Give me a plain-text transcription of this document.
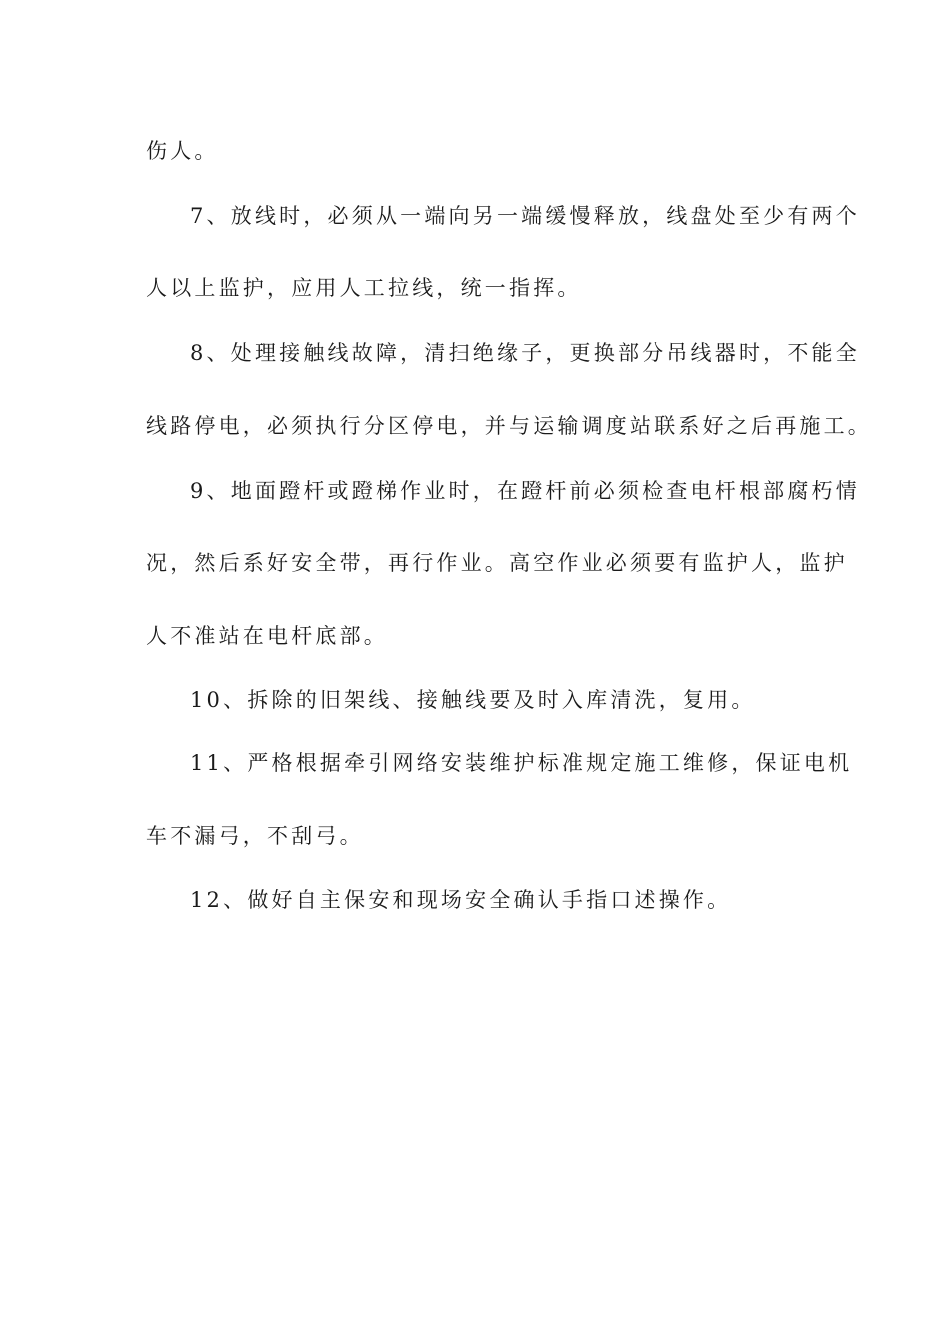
伤人。
7、放线时，必须从一端向另一端缓慢释放，线盘处至少有两个
人以上监护，应用人工拉线，统一指挥。
8、处理接触线故障，清扫绝缘子，更换部分吊线器时，不能全
线路停电，必须执行分区停电，并与运输调度站联系好之后再施工。
9、地面蹬杆或蹬梯作业时，在蹬杆前必须检查电杆根部腐朽情
况，然后系好安全带，再行作业。高空作业必须要有监护人，监护
人不准站在电杆底部。
10、拆除的旧架线、接触线要及时入库清洗，复用。
11、严格根据牵引网络安装维护标准规定施工维修，保证电机
车不漏弓，不刮弓。
12、做好自主保安和现场安全确认手指口述操作。
